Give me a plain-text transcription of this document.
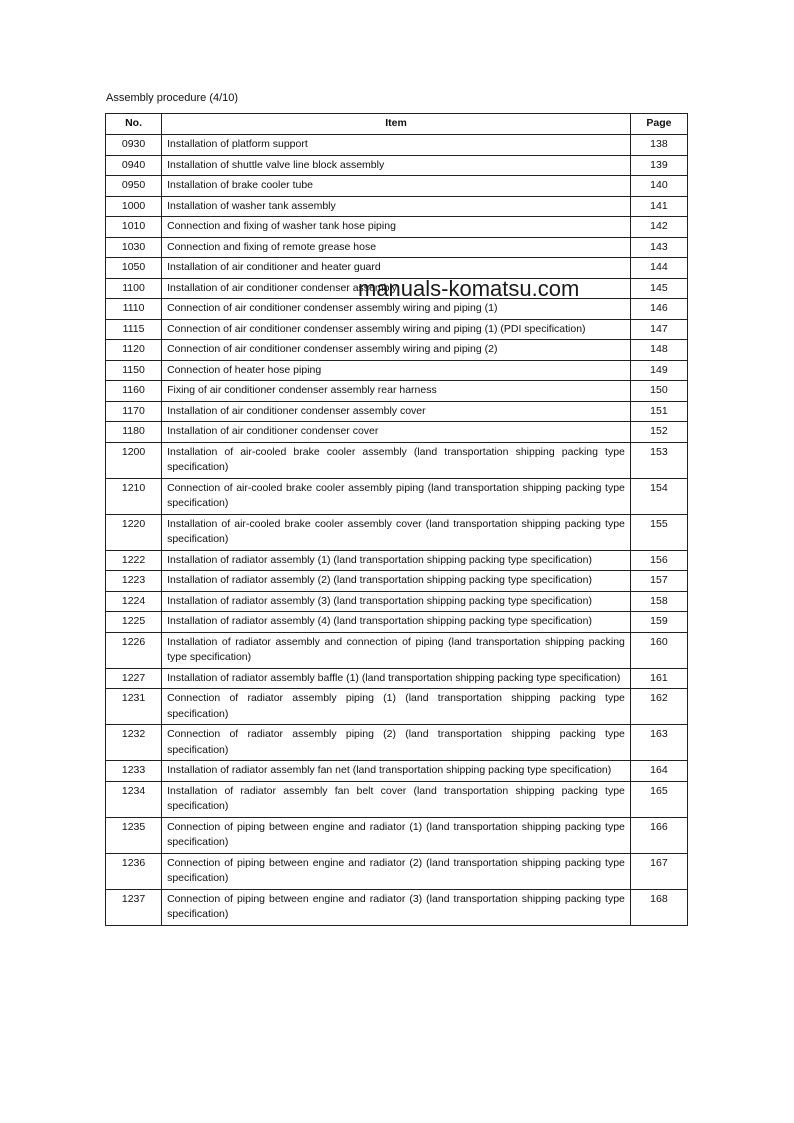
Assembly procedure (4/10)
No.	Item	Page
0930	Installation of platform support	138
0940	Installation of shuttle valve line block assembly	139
0950	Installation of brake cooler tube	140
1000	Installation of washer tank assembly	141
1010	Connection and fixing of washer tank hose piping	142
1030	Connection and fixing of remote grease hose	143
1050	Installation of air conditioner and heater guard	144
1100	Installation of air conditioner condenser assembly	145
1110	Connection of air conditioner condenser assembly wiring and piping (1)	146
1115	Connection of air conditioner condenser assembly wiring and piping (1) (PDI specification)	147
1120	Connection of air conditioner condenser assembly wiring and piping (2)	148
1150	Connection of heater hose piping	149
1160	Fixing of air conditioner condenser assembly rear harness	150
1170	Installation of air conditioner condenser assembly cover	151
1180	Installation of air conditioner condenser cover	152
1200	Installation of air-cooled brake cooler assembly (land transportation shipping packing type specification)	153
1210	Connection of air-cooled brake cooler assembly piping (land transportation shipping packing type specification)	154
1220	Installation of air-cooled brake cooler assembly cover (land transportation shipping packing type specification)	155
1222	Installation of radiator assembly (1) (land transportation shipping packing type specification)	156
1223	Installation of radiator assembly (2) (land transportation shipping packing type specification)	157
1224	Installation of radiator assembly (3) (land transportation shipping packing type specification)	158
1225	Installation of radiator assembly (4) (land transportation shipping packing type specification)	159
1226	Installation of radiator assembly and connection of piping (land transportation shipping packing type specification)	160
1227	Installation of radiator assembly baffle (1) (land transportation shipping packing type specification)	161
1231	Connection of radiator assembly piping (1) (land transportation shipping packing type specification)	162
1232	Connection of radiator assembly piping (2) (land transportation shipping packing type specification)	163
1233	Installation of radiator assembly fan net (land transportation shipping packing type specification)	164
1234	Installation of radiator assembly fan belt cover (land transportation shipping packing type specification)	165
1235	Connection of piping between engine and radiator (1) (land transportation shipping packing type specification)	166
1236	Connection of piping between engine and radiator (2) (land transportation shipping packing type specification)	167
1237	Connection of piping between engine and radiator (3) (land transportation shipping packing type specification)	168
manuals-komatsu.com
